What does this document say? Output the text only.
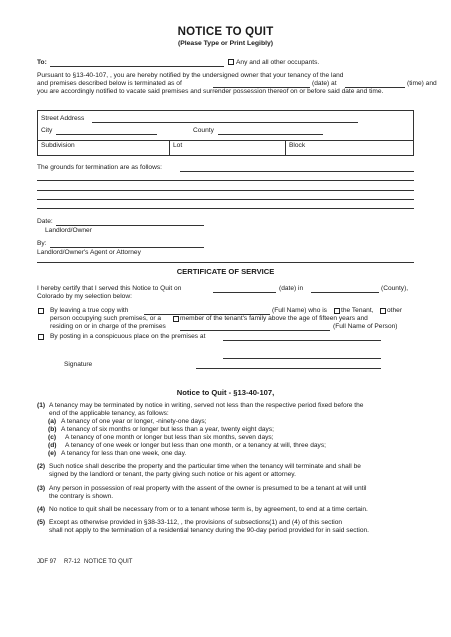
NOTICE TO QUIT
(Please Type or Print Legibly)
To:	Any and all other occupants.
Pursuant to §13-40-107, , you are hereby notified by the undersigned owner that your tenancy of the land
and premises described below is terminated as of	(date) at	(time) and
you are accordingly notified to vacate said premises and surrender possession thereof on or before said date and time.
Street Address
City	County
Subdivision	Lot	Block
The grounds for termination are as follows:
Date:
Landlord/Owner
By:
Landlord/Owner's Agent or Attorney
CERTIFICATE OF SERVICE
I hereby certify that I served this Notice to Quit on	(date) in	(County),
Colorado by my selection below:
By leaving a true copy with	(Full Name) who is the Tenant, other
person occupying such premises, or a	member of the tenant's family above the age of fifteen years and
residing on or in charge of the premises	(Full Name of Person)
By posting in a conspicuous place on the premises at
Signature
Notice to Quit - §13-40-107,
(1) A tenancy may be terminated by notice in writing, served not less than the respective period fixed before the
end of the applicable tenancy, as follows:
(a) A tenancy of one year or longer, -ninety-one days;
(b) A tenancy of six months or longer but less than a year, twenty eight days;
(c) A tenancy of one month or longer but less than six months, seven days;
(d) A tenancy of one week or longer but less than one month, or a tenancy at will, three days;
(e) A tenancy for less than one week, one day.
(2) Such notice shall describe the property and the particular time when the tenancy will terminate and shall be
signed by the landlord or tenant, the party giving such notice or his agent or attorney.
(3) Any person in possession of real property with the assent of the owner is presumed to be a tenant at will until
the contrary is shown.
(4) No notice to quit shall be necessary from or to a tenant whose term is, by agreement, to end at a time certain.
(5) Except as otherwise provided in §38-33-112, , the provisions of subsections(1) and (4) of this section
shall not apply to the termination of a residential tenancy during the 90-day period provided for in said section.
JDF 97 R7-12 NOTICE TO QUIT
